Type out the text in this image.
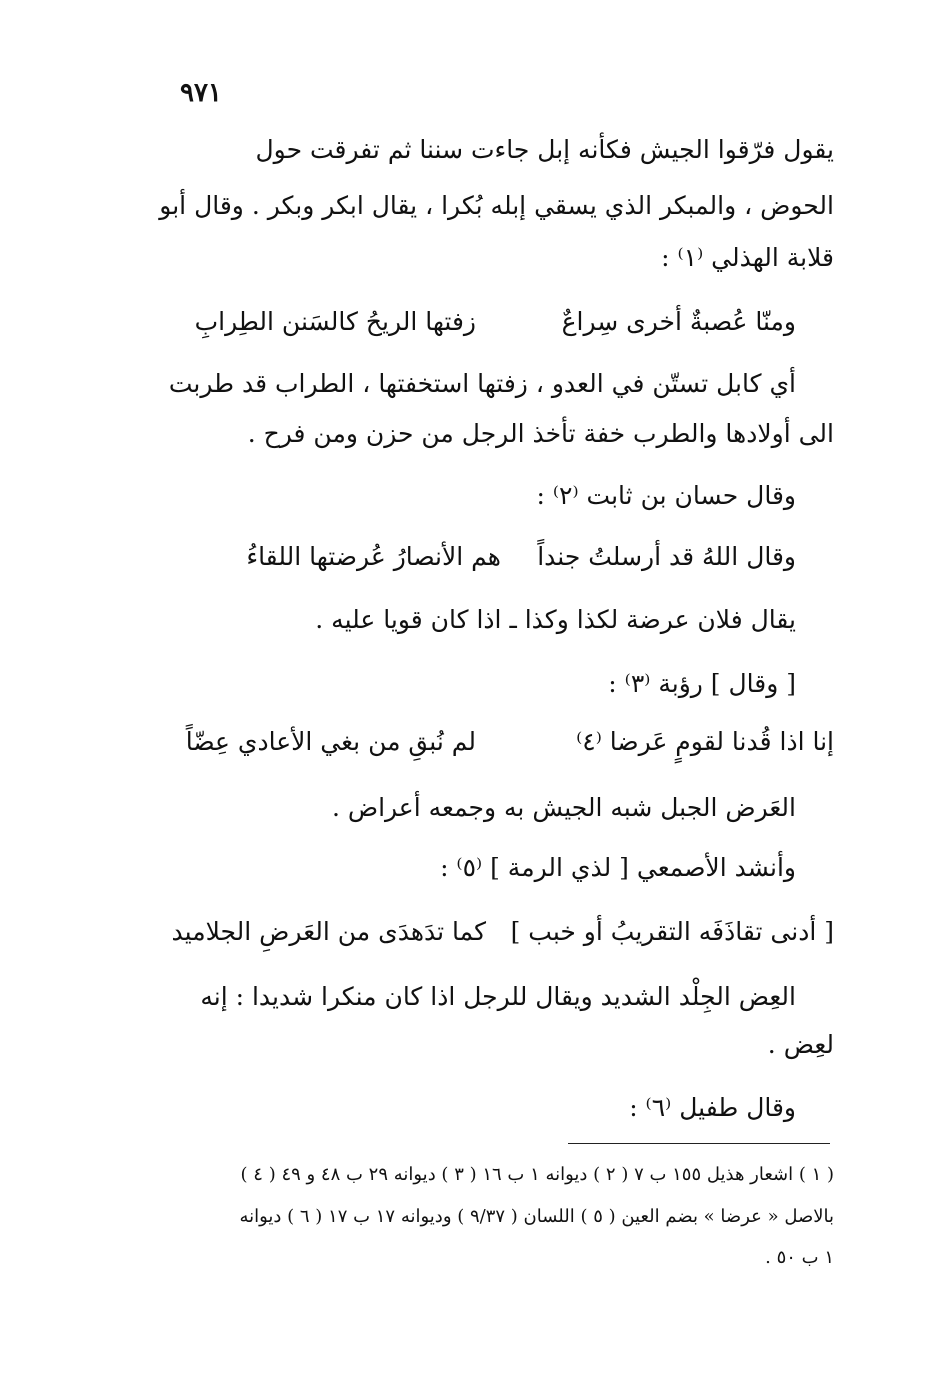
٩٧١
يقول فرّقوا الجيش فكأنه إبل جاءت سننا ثم تفرقت حول
الحوض ، والمبكر الذي يسقي إبله بُكرا ، يقال ابكر وبكر . وقال أبو
قلابة الهذلي ⁽١⁾ :
ومنّا عُصبةٌ أخرى سِراعٌ
زفتها الريحُ كالسَنن الطِرابِ
أي كابل تستّن في العدو ، زفتها استخفتها ، الطراب قد طربت
الى أولادها والطرب خفة تأخذ الرجل من حزن ومن فرح .
وقال حسان بن ثابت ⁽٢⁾ :
وقال اللهُ قد أرسلتُ جنداً
هم الأنصارُ عُرضتها اللقاءُ
يقال فلان عرضة لكذا وكذا ـ اذا كان قويا عليه .
[ وقال ] رؤبة ⁽٣⁾ :
إنا اذا قُدنا لقومٍ عَرضا ⁽٤⁾
لم نُبقِ من بغي الأعادي عِضّاً
العَرض الجبل شبه الجيش به وجمعه أعراض .
وأنشد الأصمعي [ لذي الرمة ] ⁽٥⁾ :
[ أدنى تقاذَفَه التقريبُ أو خبب ]
كما تدَهدَى من العَرضِ الجلاميد
العِض الجِلْد الشديد ويقال للرجل اذا كان منكرا شديدا : إنه
لعِض .
وقال طفيل ⁽٦⁾ :
( ١ ) اشعار هذيل ١٥٥ ب ٧ ( ٢ ) ديوانه ١ ب ١٦ ( ٣ ) ديوانه ٢٩ ب ٤٨ و ٤٩ ( ٤ )
بالاصل « عرضا » بضم العين ( ٥ ) اللسان ( ٩/٣٧ ) وديوانه ١٧ ب ١٧ ( ٦ ) ديوانه
١ ب ٥٠ .
